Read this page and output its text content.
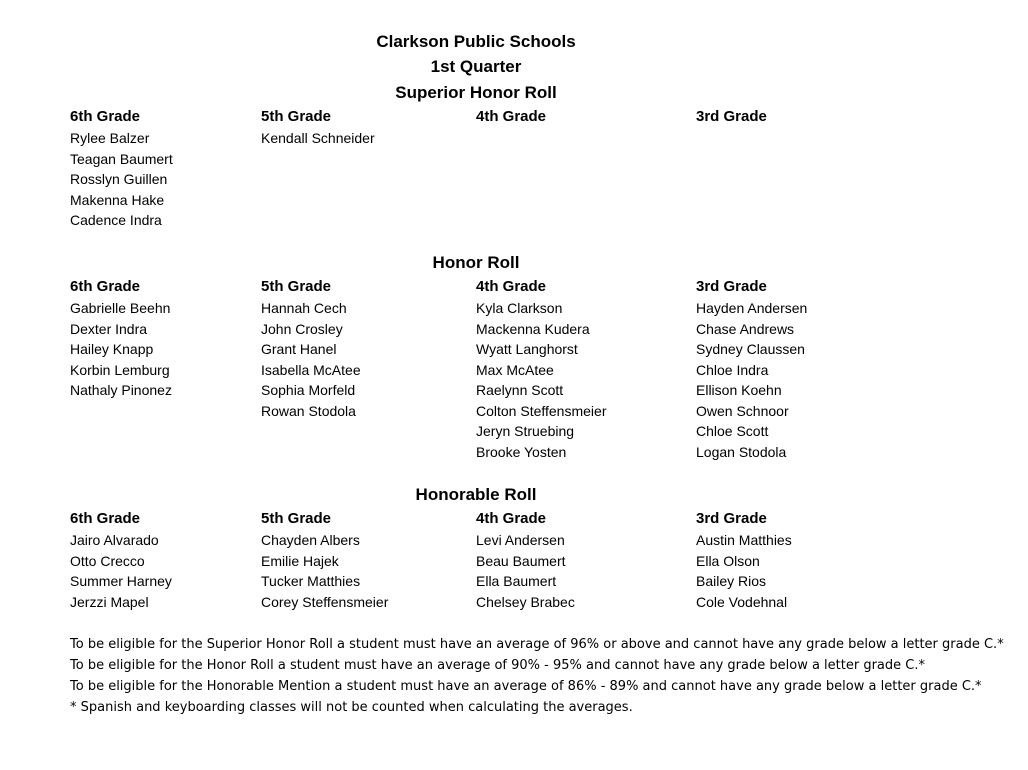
Clarkson Public Schools
1st Quarter
Superior Honor Roll
6th Grade
Rylee Balzer
Teagan Baumert
Rosslyn Guillen
Makenna Hake
Cadence Indra
5th Grade
Kendall Schneider
4th Grade	3rd Grade
Honor Roll
6th Grade
Gabrielle Beehn
Dexter Indra
Hailey Knapp
Korbin Lemburg
Nathaly Pinonez
5th Grade
Hannah Cech
John Crosley
Grant Hanel
Isabella McAtee
Sophia Morfeld
Rowan Stodola
4th Grade
Kyla Clarkson
Mackenna Kudera
Wyatt Langhorst
Max McAtee
Raelynn Scott
Colton Steffensmeier
Jeryn Struebing
Brooke Yosten
3rd Grade
Hayden Andersen
Chase Andrews
Sydney Claussen
Chloe Indra
Ellison Koehn
Owen Schnoor
Chloe Scott
Logan Stodola
Honorable Roll
6th Grade
Jairo Alvarado
Otto Crecco
Summer Harney
Jerzzi Mapel
5th Grade
Chayden Albers
Emilie Hajek
Tucker Matthies
Corey Steffensmeier
4th Grade
Levi Andersen
Beau Baumert
Ella Baumert
Chelsey Brabec
3rd Grade
Austin Matthies
Ella Olson
Bailey Rios
Cole Vodehnal

To be eligible for the Superior Honor Roll a student must have an average of 96% or above and cannot have any grade below a letter grade C.*

To be eligible for the Honor Roll a student must have an average of 90% - 95% and cannot have any grade below a letter grade C.*

To be eligible for the Honorable Mention a student must have an average of 86% - 89% and cannot have any grade below a letter grade C.*

* Spanish and keyboarding classes will not be counted when calculating the averages.
